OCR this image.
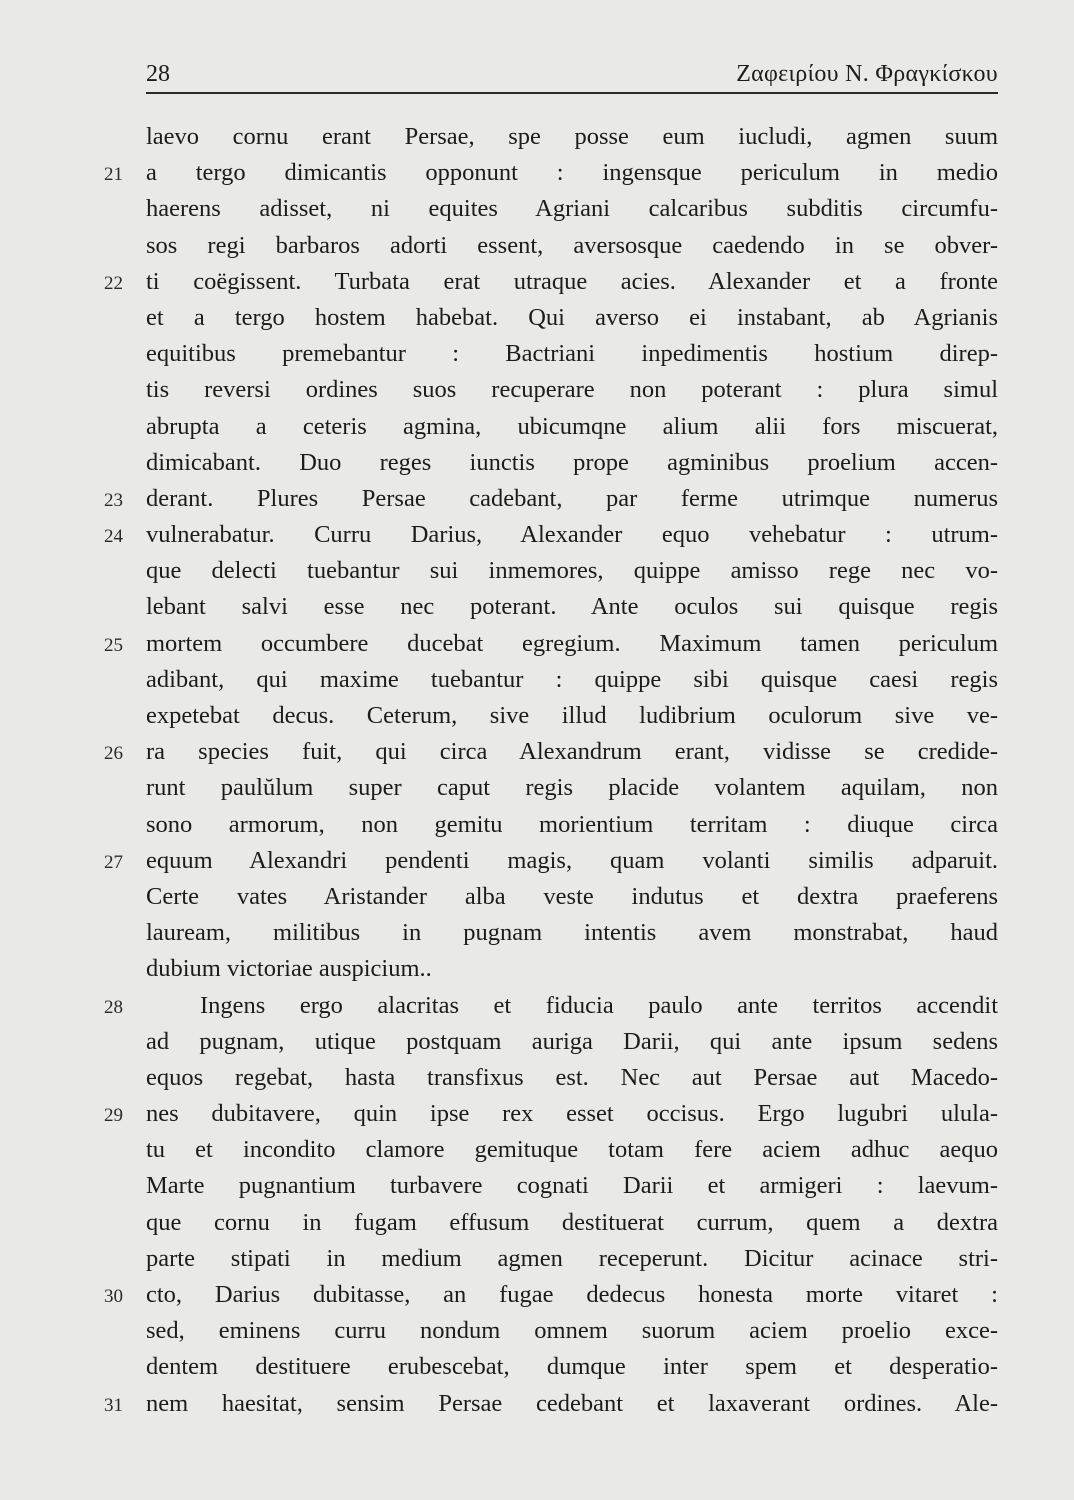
28	Ζαφειρίου Ν. Φραγκίσκου
laevo cornu erant Persae, spe posse eum iucludi, agmen suum
21 a tergo dimicantis opponunt : ingensque periculum in medio
haerens adisset, ni equites Agriani calcaribus subditis circumfu-
sos regi barbaros adorti essent, aversosque caedendo in se obver-
22 ti coëgissent. Turbata erat utraque acies. Alexander et a fronte
et a tergo hostem habebat. Qui averso ei instabant, ab Agrianis
equitibus premebantur : Bactriani inpedimentis hostium direp-
tis reversi ordines suos recuperare non poterant : plura simul
abrupta a ceteris agmina, ubicumqne alium alii fors miscuerat,
dimicabant. Duo reges iunctis prope agminibus proelium accen-
23 derant. Plures Persae cadebant, par ferme utrimque numerus
24 vulnerabatur. Curru Darius, Alexander equo vehebatur : utrum-
que delecti tuebantur sui inmemores, quippe amisso rege nec vo-
lebant salvi esse nec poterant. Ante oculos sui quisque regis
25 mortem occumbere ducebat egregium. Maximum tamen periculum
adibant, qui maxime tuebantur : quippe sibi quisque caesi regis
expetebat decus. Ceterum, sive illud ludibrium oculorum sive ve-
26 ra species fuit, qui circa Alexandrum erant, vidisse se credide-
runt paulŭlum super caput regis placide volantem aquilam, non
sono armorum, non gemitu morientium territam : diuque circa
27 equum Alexandri pendenti magis, quam volanti similis adparuit.
Certe vates Aristander alba veste indutus et dextra praeferens
lauream, militibus in pugnam intentis avem monstrabat, haud
dubium victoriae auspicium..
28	Ingens ergo alacritas et fiducia paulo ante territos accendit
ad pugnam, utique postquam auriga Darii, qui ante ipsum sedens
equos regebat, hasta transfixus est. Nec aut Persae aut Macedo-
29 nes dubitavere, quin ipse rex esset occisus. Ergo lugubri ulula-
tu et incondito clamore gemituque totam fere aciem adhuc aequo
Marte pugnantium turbavere cognati Darii et armigeri : laevum-
que cornu in fugam effusum destituerat currum, quem a dextra
parte stipati in medium agmen receperunt. Dicitur acinace stri-
30 cto, Darius dubitasse, an fugae dedecus honesta morte vitaret :
sed, eminens curru nondum omnem suorum aciem proelio exce-
dentem destituere erubescebat, dumque inter spem et desperatio-
31 nem haesitat, sensim Persae cedebant et laxaverant ordines. Ale-
